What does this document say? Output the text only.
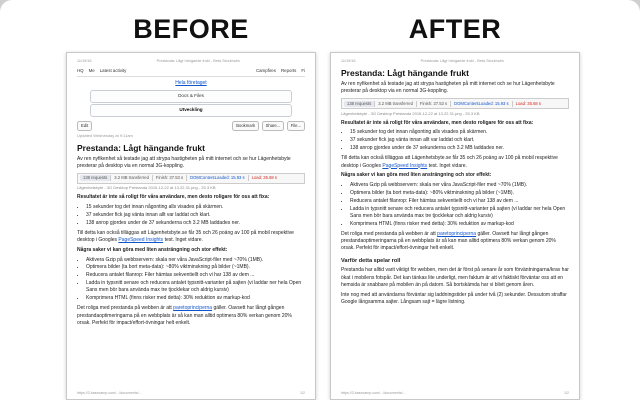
BEFORE	AFTER
11/19/16	Prestanda: Lågt hängande frukt - Beta Stockholm
HQ Me Latest activity	Campfires Reports Fi
Hela företaget
Docs & Files
Utveckling
Edit	Bookmark	Share...	File...
Updated Wednesday at 9:11am
Prestanda: Lågt hängande frukt

Av ren nyfikenhet så testade jag att strypa hastigheten på mitt internet och se hur Lägenhetsbyte presterar på desktop via en normal 3G-koppling.

138 requests	3.2 MB transferred	Finish: 37.53 s	DOMContentLoaded: 15.93 s	Load: 35.68 s
Lägenhetsbyte - 3G Desktop Prestanda 2015-12-22 at 13.22.31.png - 25.3 KB

Resultatet är inte så roligt för våra användare, men desto roligare för oss att fixa:

• 15 sekunder tog det innan någonting alls visades på skärmen.
• 37 sekunder fick jag vänta innan allt var laddat och klart.
• 138 anrop gjordes under de 37 sekunderna och 3.2 MB laddades ner.

Till detta kan också tilläggas att Lägenhetsbyte.se får 35 och 26 poäng av 100 på mobil respektive desktop i Googles PageSpeed Insights test. Inget vidare.

Några saker vi kan göra med liten ansträngning och stor effekt:

• Aktivera Gzip på webbservern: skala ner våra JavaScript-filer med ~70% (1MB).
• Optimera bilder (ta bort meta-data): ~80% viktminskning på bilder (~1MB).
• Reducera antalet filanrop: Filer hämtas sekventiellt och vi har 138 av dem ...
• Ladda in typsnitt senare och reducera antalet typsnitt-varianter på sajten (vi laddar ner hela Open Sans men bör bara använda max tre tjocklekar och aldrig kursiv)
• Komprimera HTML (finns risker med detta): 30% reduktion av markup-kod

Det roliga med prestanda på webben är att paretoprinciperna gäller. Oavsett hur långt gången prestandaoptimeringarna på en webbplats är så kan man alltid optimera 80% verkan genom 20% orsak. Perfekt för impact/effort-övningar helt enkelt.

https://3.basecamp.com/.../documents/...	1/2
11/19/16	Prestanda: Lågt hängande frukt - Beta Stockholm
Prestanda: Lågt hängande frukt

Av ren nyfikenhet så testade jag att strypa hastigheten på mitt internet och se hur Lägenhetsbyte presterar på desktop via en normal 3G-koppling.

138 requests	3.2 MB transferred	Finish: 37.53 s	DOMContentLoaded: 15.93 s	Load: 35.68 s
Lägenhetsbyte - 3G Desktop Prestanda 2015-12-22 at 13.22.31.png - 25.3 KB

Resultatet är inte så roligt för våra användare, men desto roligare för oss att fixa:

• 15 sekunder tog det innan någonting alls visades på skärmen.
• 37 sekunder fick jag vänta innan allt var laddat och klart.
• 138 anrop gjordes under de 37 sekunderna och 3.2 MB laddades ner.

Till detta kan också tilläggas att Lägenhetsbyte.se får 35 och 26 poäng av 100 på mobil respektive desktop i Googles PageSpeed Insights test. Inget vidare.

Några saker vi kan göra med liten ansträngning och stor effekt:

• Aktivera Gzip på webbservern: skala ner våra JavaScript-filer med ~70% (1MB).
• Optimera bilder (ta bort meta-data): ~80% viktminskning på bilder (~1MB).
• Reducera antalet filanrop: Filer hämtas sekventiellt och vi har 138 av dem ...
• Ladda in typsnitt senare och reducera antalet typsnitt-varianter på sajten (vi laddar ner hela Open Sans men bör bara använda max tre tjocklekar och aldrig kursiv)
• Komprimera HTML (finns risker med detta): 30% reduktion av markup-kod

Det roliga med prestanda på webben är att paretoprinciperna gäller. Oavsett hur långt gången prestandaoptimeringarna på en webbplats är så kan man alltid optimera 80% verkan genom 20% orsak. Perfekt för impact/effort-övningar helt enkelt.

Varför detta spelar roll

Prestanda har alltid varit viktigt för webben, men det är först på senare år som förväntningarna/krav har ökat i mobilens fotspår. Det kan tänkas lite underligt, men faktum är att vi faktiskt förväntar oss att en hemsida är snabbare på mobilen än på datorn. Så bortskämda har vi blivit genom åren.

Inte nog med att användarna förväntar sig laddningstider på under två (2) sekunder. Dessutom straffar Google långsamma sajter. Långsam sajt = lägre listning.

https://3.basecamp.com/.../documents/...	1/2
